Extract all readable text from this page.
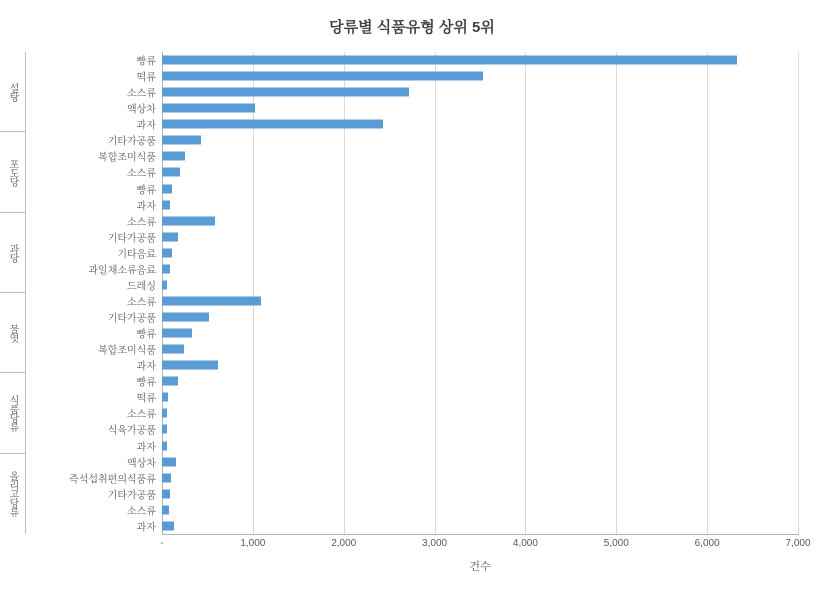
당류별 식품유형 상위 5위
설탕
포도당
과당
물엿
식품당류
올리고당류
빵류
떡류
소스류
액상차
과자
기타가공품
복합조미식품
소스류
빵류
과자
소스류
기타가공품
기타음료
과일채소류음료
드레싱
소스류
기타가공품
빵류
복합조미식품
과자
빵류
떡류
소스류
식육가공품
과자
액상차
즉석섭취편의식품류
기타가공품
소스류
과자
-	1,000	2,000	3,000	4,000	5,000	6,000	7,000
건수
